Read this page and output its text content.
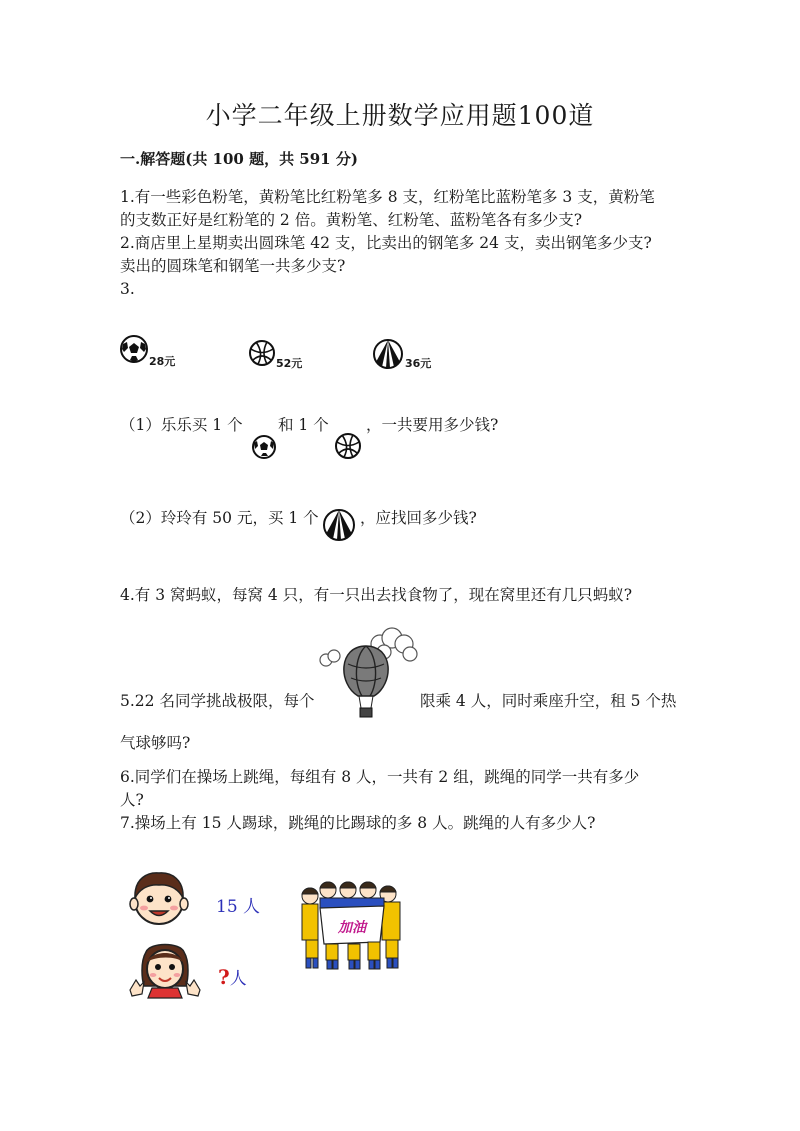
小学二年级上册数学应用题100道
一.解答题(共 100 题，共 591 分)
1.有一些彩色粉笔，黄粉笔比红粉笔多 8 支，红粉笔比蓝粉笔多 3 支，黄粉笔
的支数正好是红粉笔的 2 倍。黄粉笔、红粉笔、蓝粉笔各有多少支?
2.商店里上星期卖出圆珠笔 42 支，比卖出的钢笔多 24 支，卖出钢笔多少支?
卖出的圆珠笔和钢笔一共多少支?
3.
28元	52元	36元
（1）乐乐买 1 个 和 1 个 ，一共要用多少钱?
（2）玲玲有 50 元，买 1 个	，应找回多少钱?
4.有 3 窝蚂蚁，每窝 4 只，有一只出去找食物了，现在窝里还有几只蚂蚁?
5.22 名同学挑战极限，每个	限乘 4 人，同时乘座升空，租 5 个热
气球够吗?
6.同学们在操场上跳绳，每组有 8 人，一共有 2 组，跳绳的同学一共有多少
人?
7.操场上有 15 人踢球，跳绳的比踢球的多 8 人。跳绳的人有多少人?
15 人
?人
加油
